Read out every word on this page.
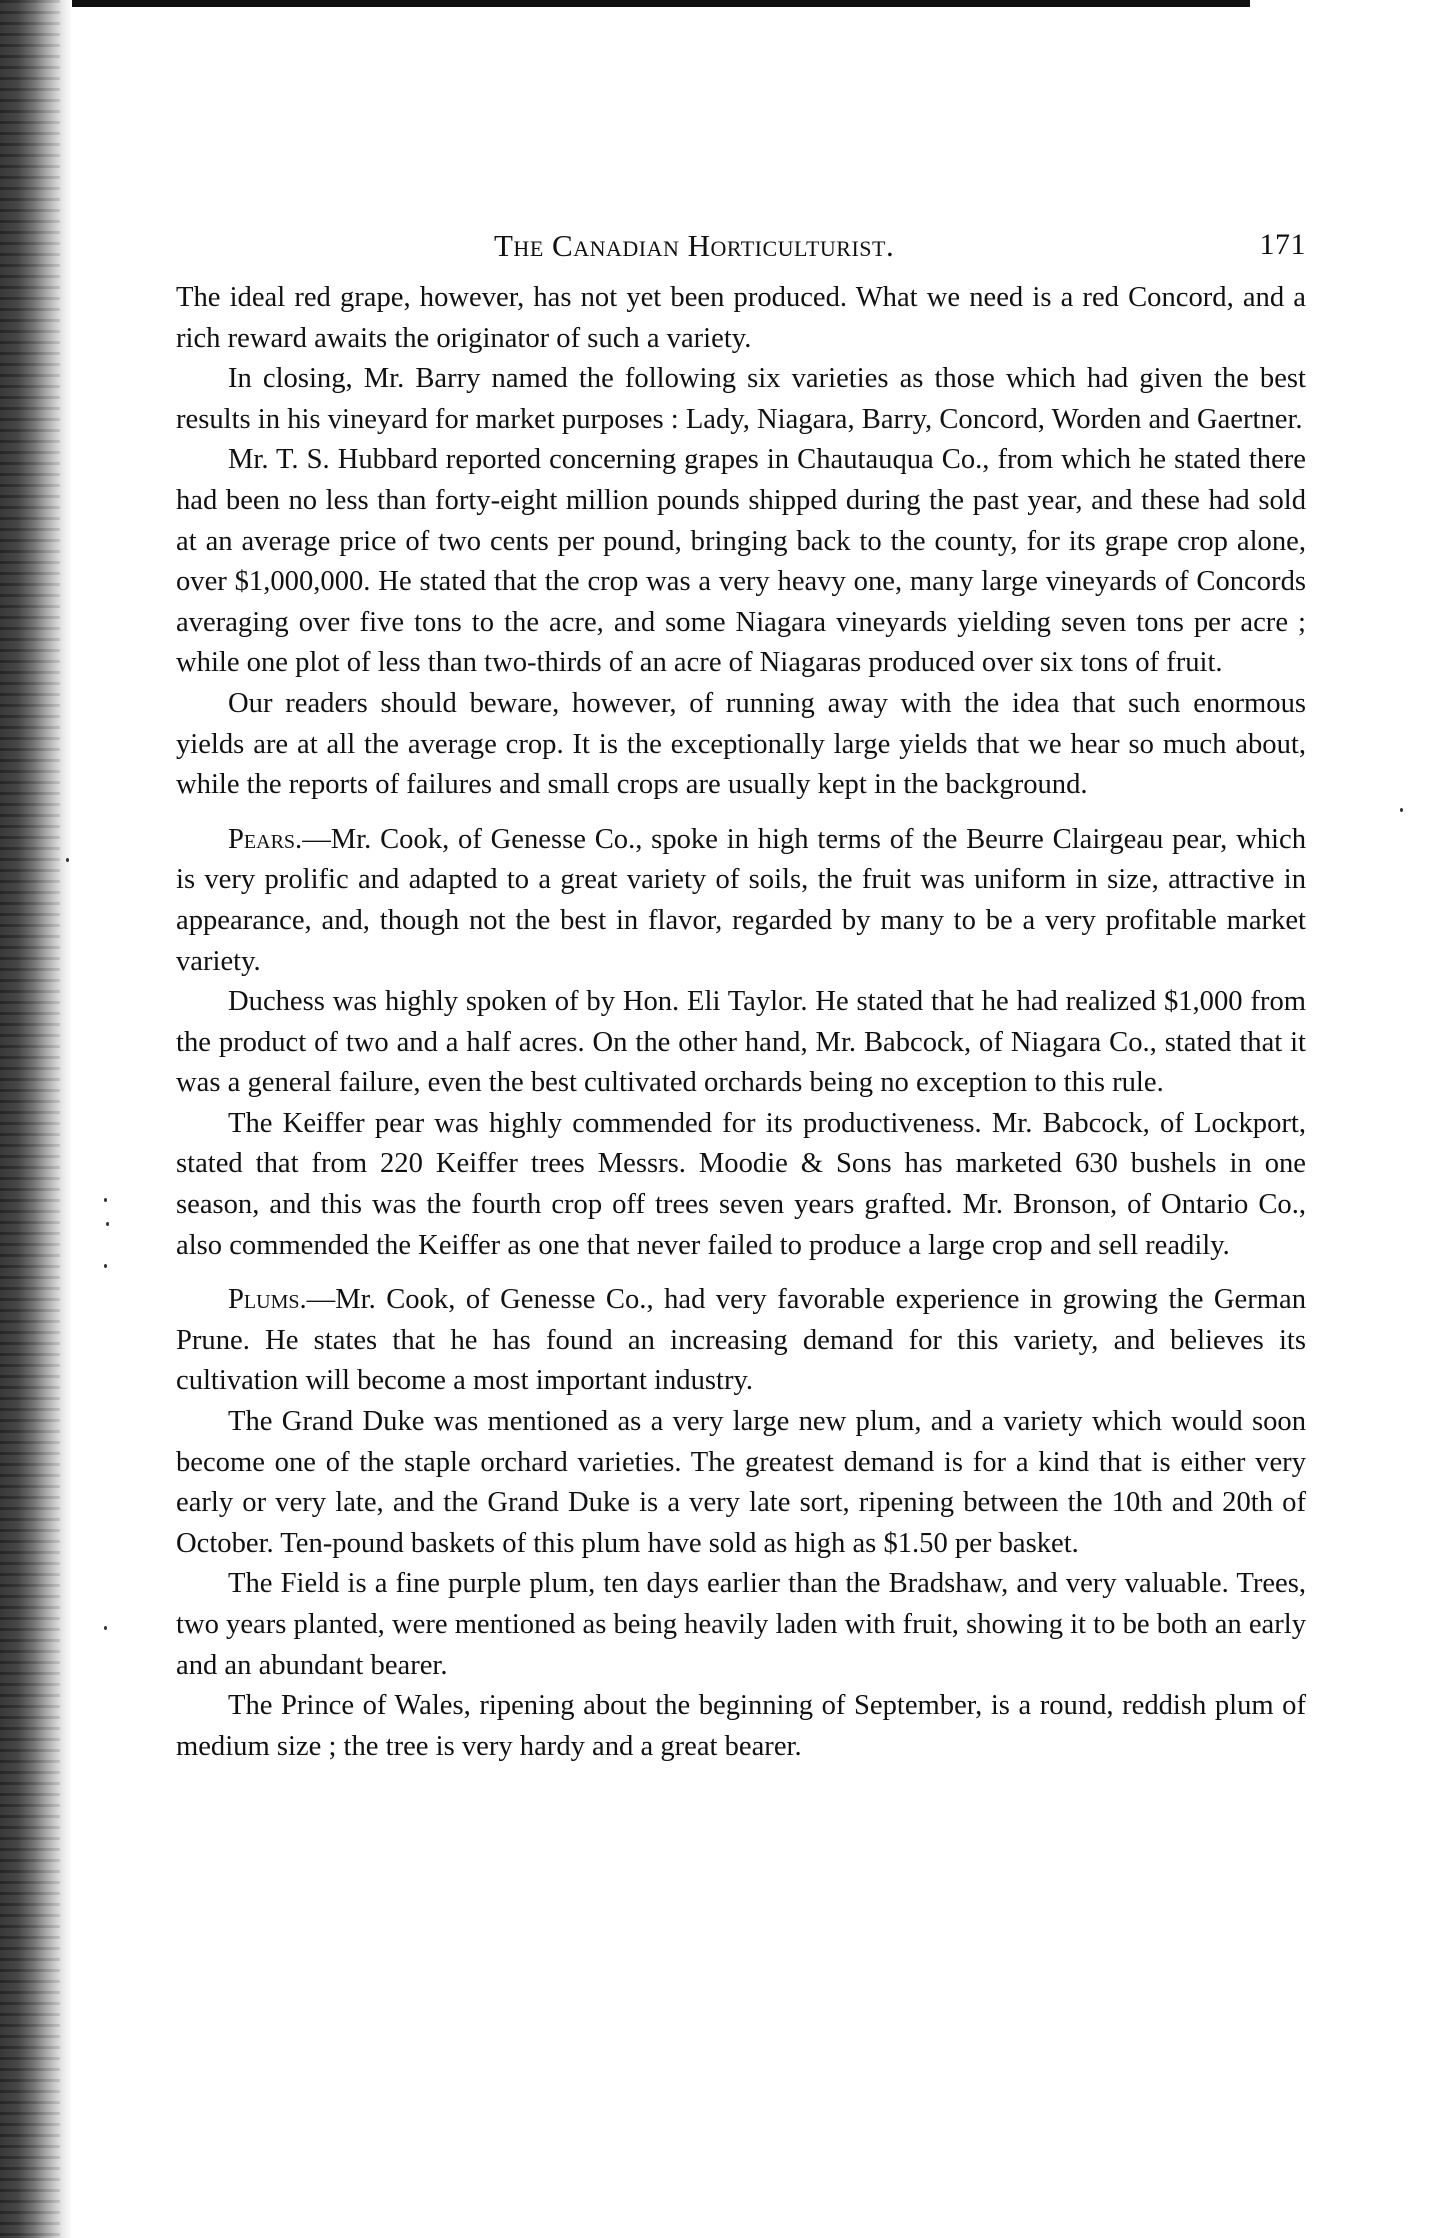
The Canadian Horticulturist.	171

The ideal red grape, however, has not yet been produced. What we need is a red Concord, and a rich reward awaits the originator of such a variety.

In closing, Mr. Barry named the following six varieties as those which had given the best results in his vineyard for market purposes : Lady, Niagara, Barry, Concord, Worden and Gaertner.

Mr. T. S. Hubbard reported concerning grapes in Chautauqua Co., from which he stated there had been no less than forty-eight million pounds shipped during the past year, and these had sold at an average price of two cents per pound, bringing back to the county, for its grape crop alone, over $1,000,000. He stated that the crop was a very heavy one, many large vineyards of Concords averaging over five tons to the acre, and some Niagara vineyards yielding seven tons per acre ; while one plot of less than two-thirds of an acre of Niagaras produced over six tons of fruit.

Our readers should beware, however, of running away with the idea that such enormous yields are at all the average crop. It is the exceptionally large yields that we hear so much about, while the reports of failures and small crops are usually kept in the background.

Pears.—Mr. Cook, of Genesse Co., spoke in high terms of the Beurre Clairgeau pear, which is very prolific and adapted to a great variety of soils, the fruit was uniform in size, attractive in appearance, and, though not the best in flavor, regarded by many to be a very profitable market variety.

Duchess was highly spoken of by Hon. Eli Taylor. He stated that he had realized $1,000 from the product of two and a half acres. On the other hand, Mr. Babcock, of Niagara Co., stated that it was a general failure, even the best cultivated orchards being no exception to this rule.

The Keiffer pear was highly commended for its productiveness. Mr. Babcock, of Lockport, stated that from 220 Keiffer trees Messrs. Moodie & Sons has marketed 630 bushels in one season, and this was the fourth crop off trees seven years grafted. Mr. Bronson, of Ontario Co., also commended the Keiffer as one that never failed to produce a large crop and sell readily.

Plums.—Mr. Cook, of Genesse Co., had very favorable experience in growing the German Prune. He states that he has found an increasing demand for this variety, and believes its cultivation will become a most important industry.

The Grand Duke was mentioned as a very large new plum, and a variety which would soon become one of the staple orchard varieties. The greatest demand is for a kind that is either very early or very late, and the Grand Duke is a very late sort, ripening between the 10th and 20th of October. Ten-pound baskets of this plum have sold as high as $1.50 per basket.

The Field is a fine purple plum, ten days earlier than the Bradshaw, and very valuable. Trees, two years planted, were mentioned as being heavily laden with fruit, showing it to be both an early and an abundant bearer.

The Prince of Wales, ripening about the beginning of September, is a round, reddish plum of medium size ; the tree is very hardy and a great bearer.
